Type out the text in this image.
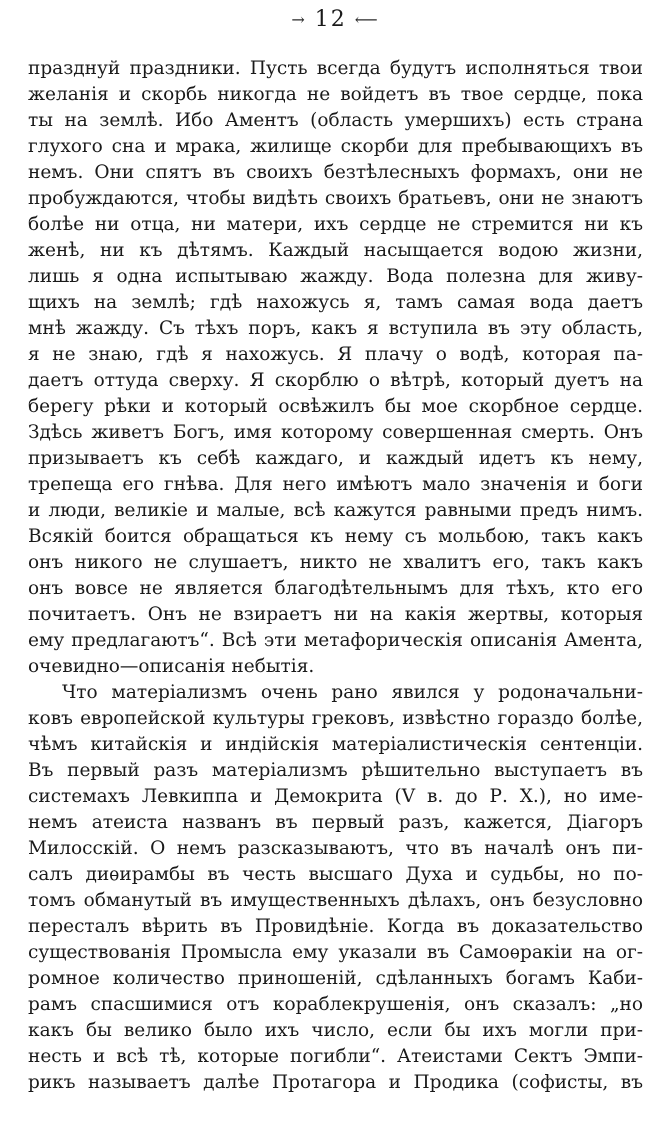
→ 12 ⟵
празднуй праздники. Пусть всегда будутъ исполняться твои
желанія и скорбь никогда не войдетъ въ твое сердце, пока
ты на землѣ. Ибо Аментъ (область умершихъ) есть страна
глухого сна и мрака, жилище скорби для пребывающихъ въ
немъ. Они спятъ въ своихъ безтѣлесныхъ формахъ, они не
пробуждаются, чтобы видѣть своихъ братьевъ, они не знаютъ
болѣе ни отца, ни матери, ихъ сердце не стремится ни къ
женѣ, ни къ дѣтямъ. Каждый насыщается водою жизни,
лишь я одна испытываю жажду. Вода полезна для живу-
щихъ на землѣ; гдѣ нахожусь я, тамъ самая вода даетъ
мнѣ жажду. Съ тѣхъ поръ, какъ я вступила въ эту область,
я не знаю, гдѣ я нахожусь. Я плачу о водѣ, которая па-
даетъ оттуда сверху. Я скорблю о вѣтрѣ, который дуетъ на
берегу рѣки и который освѣжилъ бы мое скорбное сердце.
Здѣсь живетъ Богъ, имя которому совершенная смерть. Онъ
призываетъ къ себѣ каждаго, и каждый идетъ къ нему,
трепеща его гнѣва. Для него имѣютъ мало значенія и боги
и люди, великіе и малые, всѣ кажутся равными предъ нимъ.
Всякій боится обращаться къ нему съ мольбою, такъ какъ
онъ никого не слушаетъ, никто не хвалитъ его, такъ какъ
онъ вовсе не является благодѣтельнымъ для тѣхъ, кто его
почитаетъ. Онъ не взираетъ ни на какія жертвы, которыя
ему предлагаютъ“. Всѣ эти метафорическія описанія Амента,
очевидно—описанія небытія.
Что матеріализмъ очень рано явился у родоначальни-
ковъ европейской культуры грековъ, извѣстно гораздо болѣе,
чѣмъ китайскія и индійскія матеріалистическія сентенціи.
Въ первый разъ матеріализмъ рѣшительно выступаетъ въ
системахъ Левкиппа и Демокрита (V в. до Р. Х.), но име-
немъ атеиста названъ въ первый разъ, кажется, Діагоръ
Милосскій. О немъ разсказываютъ, что въ началѣ онъ пи-
салъ диѳирамбы въ честь высшаго Духа и судьбы, но по-
томъ обманутый въ имущественныхъ дѣлахъ, онъ безусловно
пересталъ вѣрить въ Провидѣніе. Когда въ доказательство
существованія Промысла ему указали въ Самоѳракіи на ог-
ромное количество приношеній, сдѣланныхъ богамъ Каби-
рамъ спасшимися отъ кораблекрушенія, онъ сказалъ: „но
какъ бы велико было ихъ число, если бы ихъ могли при-
несть и всѣ тѣ, которые погибли“. Атеистами Сектъ Эмпи-
рикъ называетъ далѣе Протагора и Продика (софисты, въ
